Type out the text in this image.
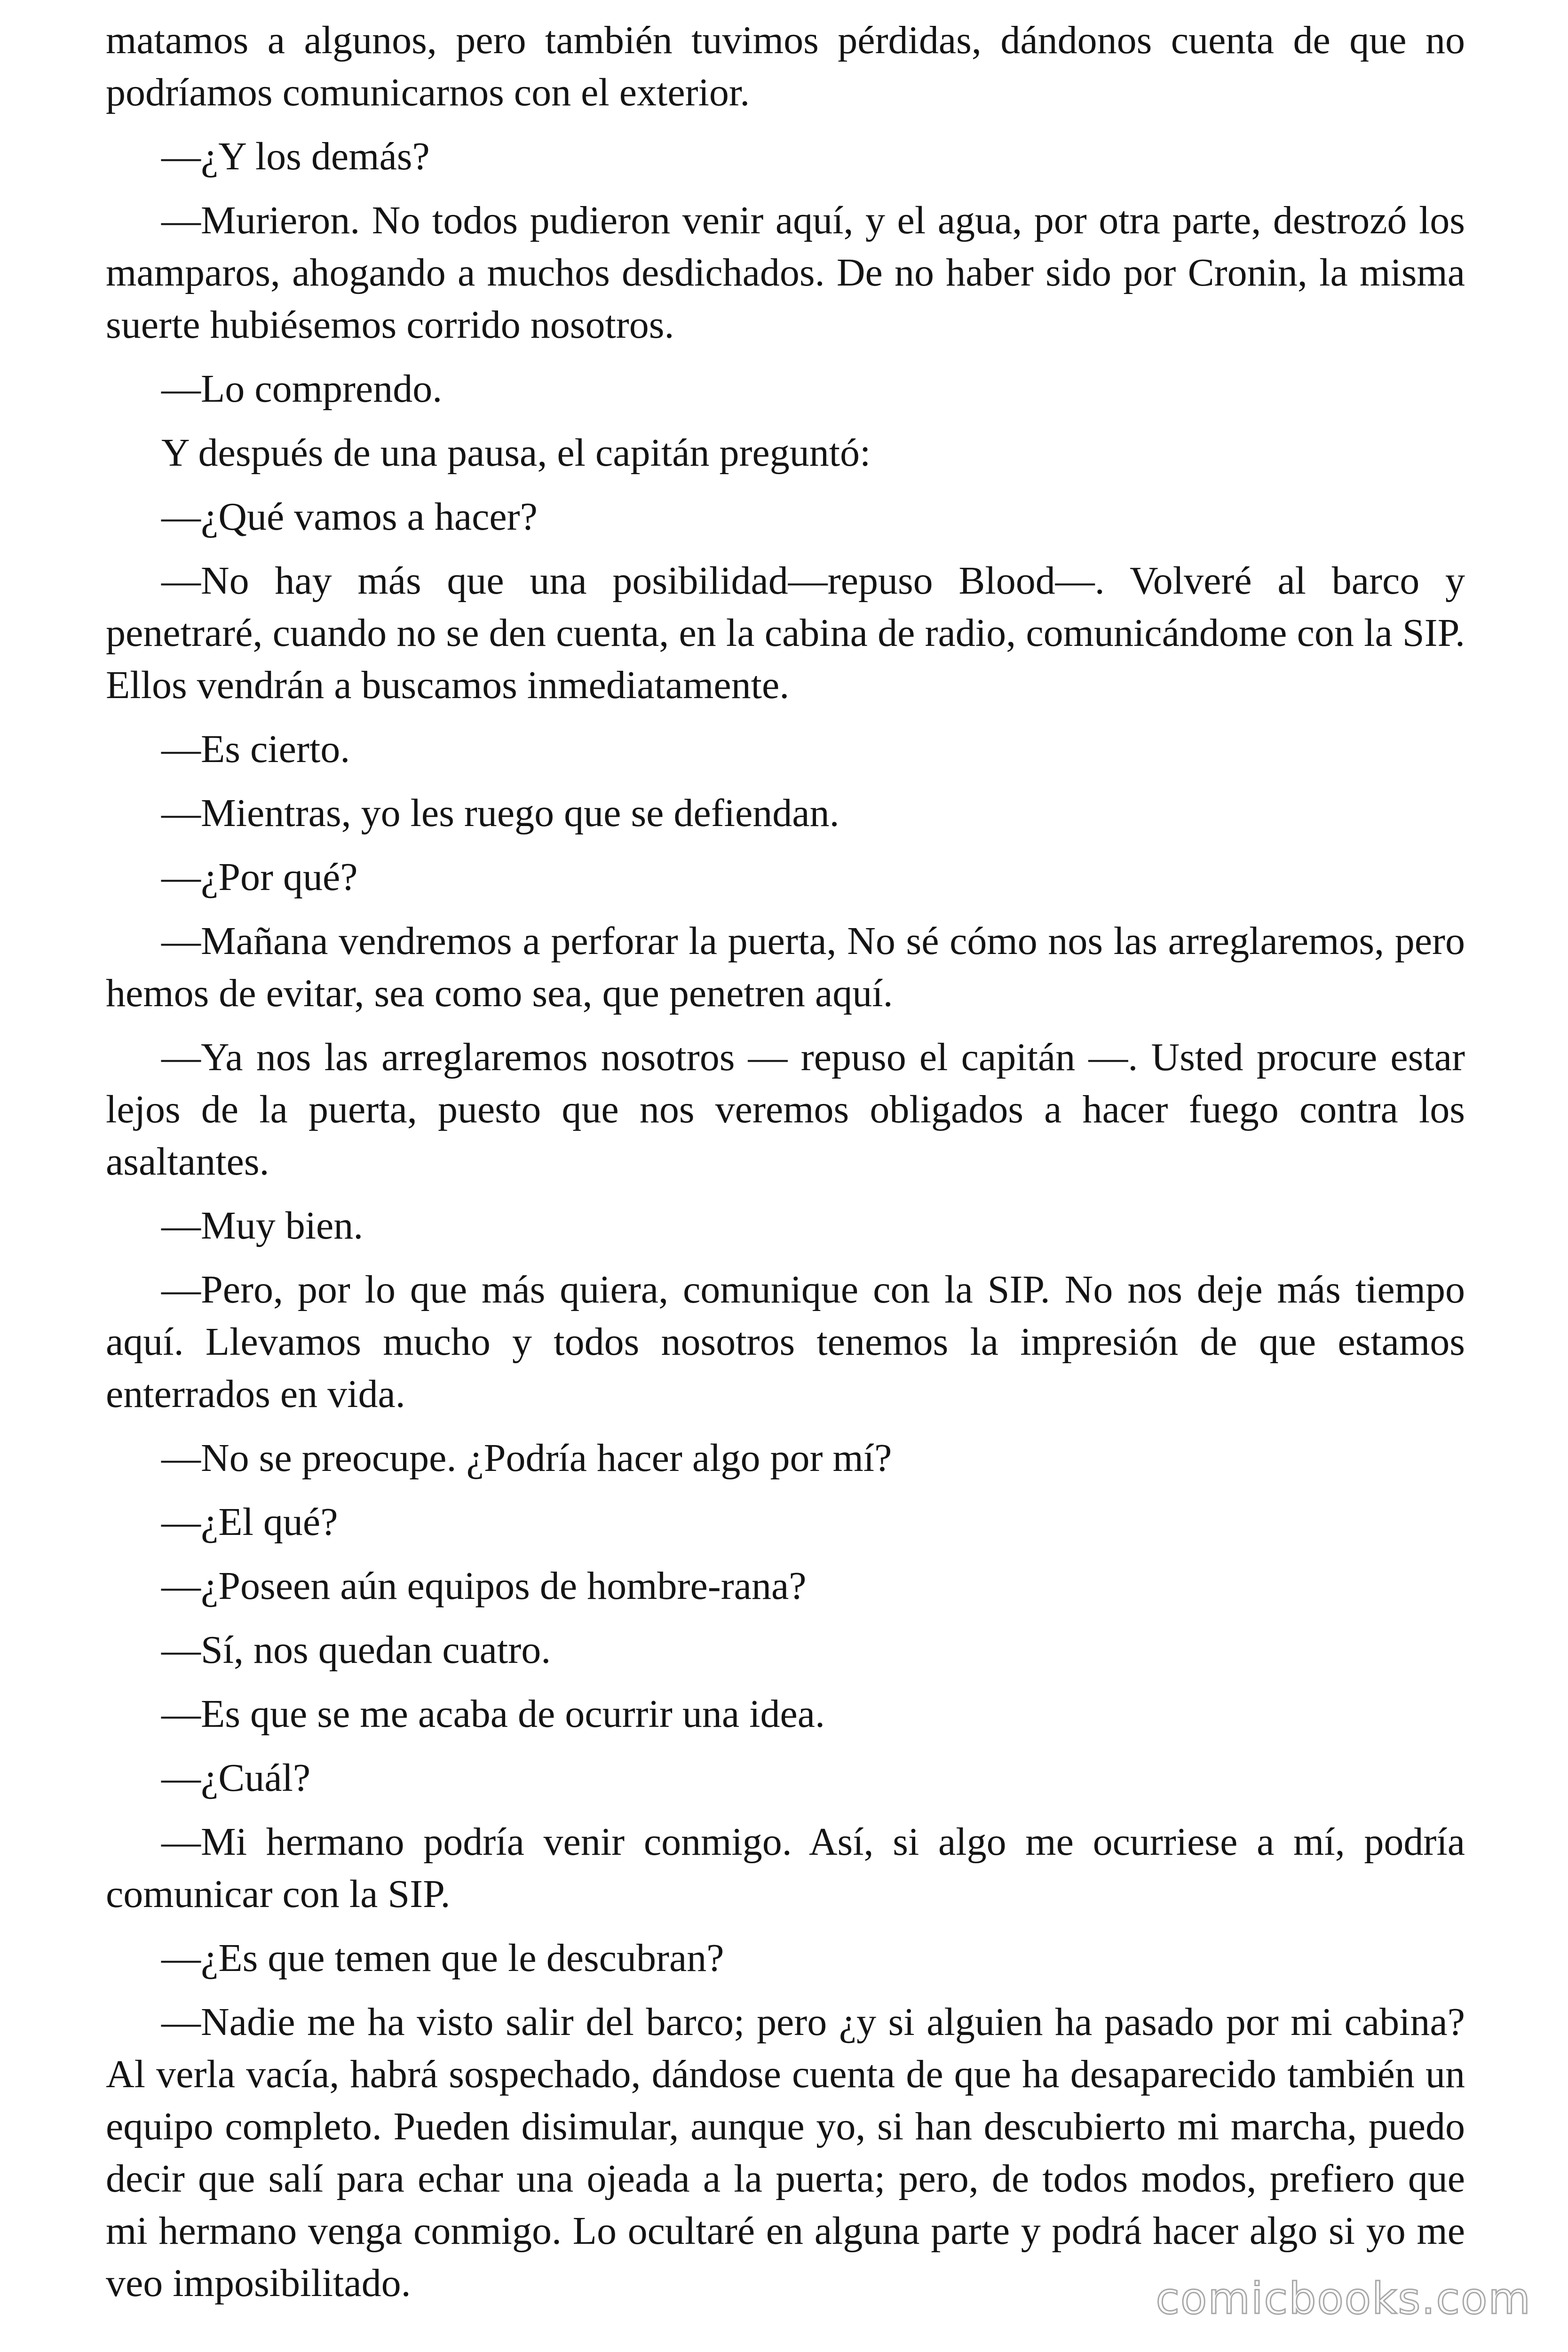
matamos a algunos, pero también tuvimos pérdidas, dándonos cuenta de que no podríamos comunicarnos con el exterior.

—¿Y los demás?

—Murieron. No todos pudieron venir aquí, y el agua, por otra parte, destrozó los mamparos, ahogando a muchos desdichados. De no haber sido por Cronin, la misma suerte hubiésemos corrido nosotros.

—Lo comprendo.

Y después de una pausa, el capitán preguntó:

—¿Qué vamos a hacer?

—No hay más que una posibilidad—repuso Blood—. Volveré al barco y penetraré, cuando no se den cuenta, en la cabina de radio, comunicándome con la SIP. Ellos vendrán a buscamos inmediatamente.

—Es cierto.

—Mientras, yo les ruego que se defiendan.

—¿Por qué?

—Mañana vendremos a perforar la puerta, No sé cómo nos las arreglaremos, pero hemos de evitar, sea como sea, que penetren aquí.

—Ya nos las arreglaremos nosotros — repuso el capitán —. Usted procure estar lejos de la puerta, puesto que nos veremos obligados a hacer fuego contra los asaltantes.

—Muy bien.

—Pero, por lo que más quiera, comunique con la SIP. No nos deje más tiempo aquí. Llevamos mucho y todos nosotros tenemos la impresión de que estamos enterrados en vida.

—No se preocupe. ¿Podría hacer algo por mí?

—¿El qué?

—¿Poseen aún equipos de hombre-rana?

—Sí, nos quedan cuatro.

—Es que se me acaba de ocurrir una idea.

—¿Cuál?

—Mi hermano podría venir conmigo. Así, si algo me ocurriese a mí, podría comunicar con la SIP.

—¿Es que temen que le descubran?

—Nadie me ha visto salir del barco; pero ¿y si alguien ha pasado por mi cabina? Al verla vacía, habrá sospechado, dándose cuenta de que ha desaparecido también un equipo completo. Pueden disimular, aunque yo, si han descubierto mi marcha, puedo decir que salí para echar una ojeada a la puerta; pero, de todos modos, prefiero que mi hermano venga conmigo. Lo ocultaré en alguna parte y podrá hacer algo si yo me veo imposibilitado.	comicbooks.com
